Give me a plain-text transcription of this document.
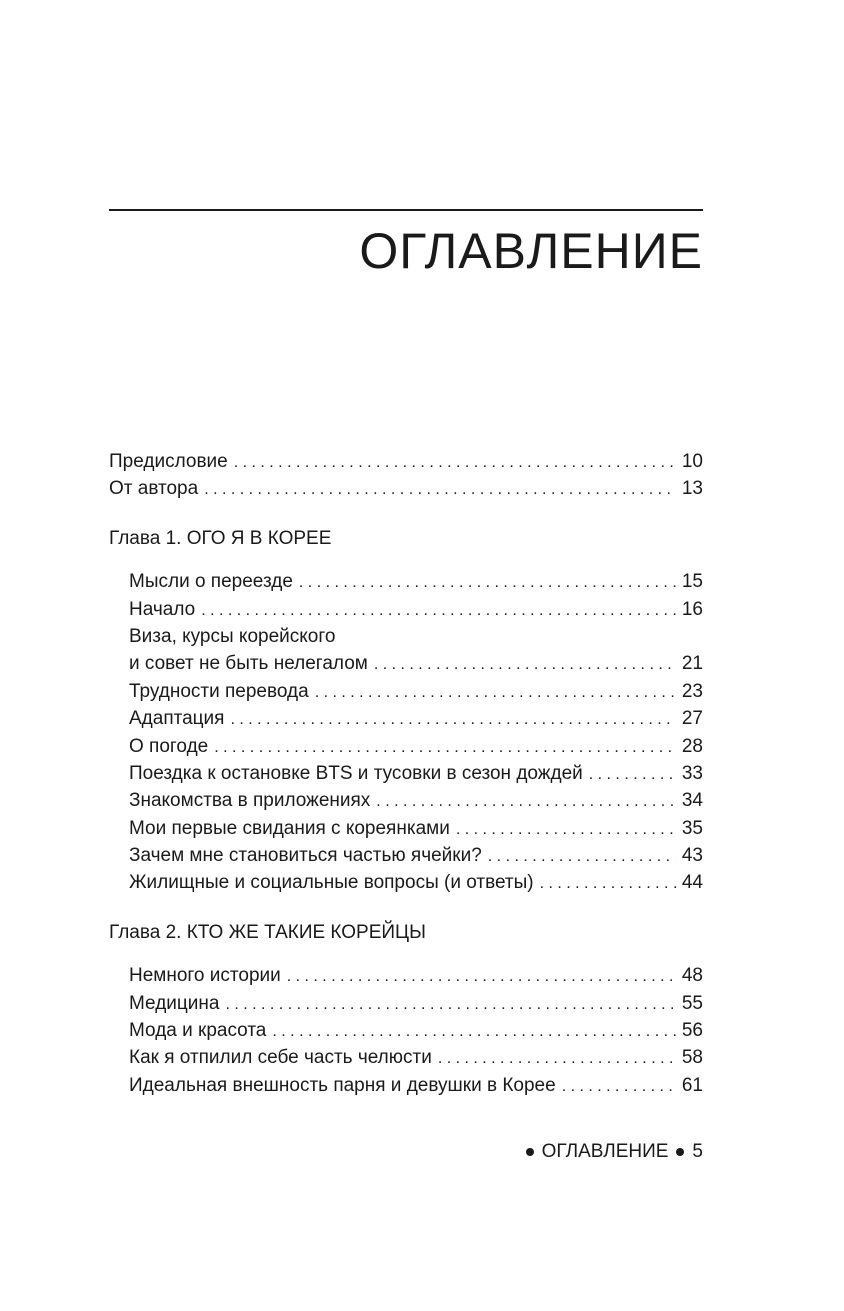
ОГЛАВЛЕНИЕ
Предисловие . . .	10
От автора . . .	13
Глава 1. ОГО Я В КОРЕЕ
Мысли о переезде . . .	15
Начало . . .	16
Виза, курсы корейского
и совет не быть нелегалом . . .	21
Трудности перевода . . .	23
Адаптация . . .	27
О погоде . . .	28
Поездка к остановке BTS и тусовки в сезон дождей . . .	33
Знакомства в приложениях . . .	34
Мои первые свидания с кореянками . . .	35
Зачем мне становиться частью ячейки? . . .	43
Жилищные и социальные вопросы (и ответы) . . .	44
Глава 2. КТО ЖЕ ТАКИЕ КОРЕЙЦЫ
Немного истории . . .	48
Медицина . . .	55
Мода и красота . . .	56
Как я отпилил себе часть челюсти . . .	58
Идеальная внешность парня и девушки в Корее . . .	61
ОГЛАВЛЕНИЕ 5
